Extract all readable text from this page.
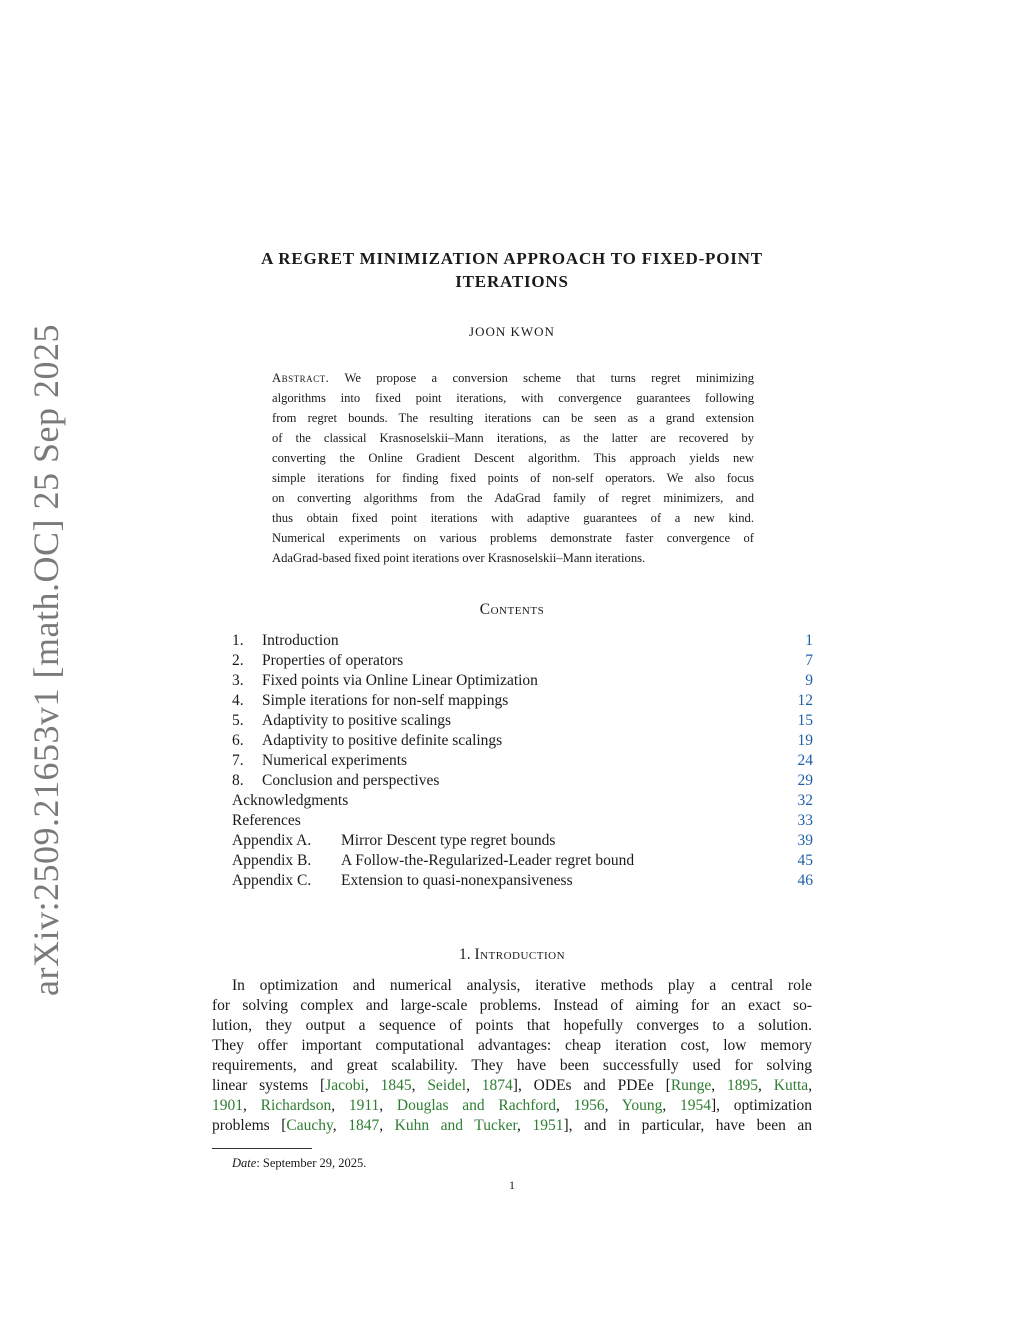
arXiv:2509.21653v1 [math.OC] 25 Sep 2025
A REGRET MINIMIZATION APPROACH TO FIXED-POINT
ITERATIONS
JOON KWON
Abstract. We propose a conversion scheme that turns regret minimizing
algorithms into fixed point iterations, with convergence guarantees following
from regret bounds. The resulting iterations can be seen as a grand extension
of the classical Krasnoselskii–Mann iterations, as the latter are recovered by
converting the Online Gradient Descent algorithm. This approach yields new
simple iterations for finding fixed points of non-self operators. We also focus
on converting algorithms from the AdaGrad family of regret minimizers, and
thus obtain fixed point iterations with adaptive guarantees of a new kind.
Numerical experiments on various problems demonstrate faster convergence of
AdaGrad-based fixed point iterations over Krasnoselskii–Mann iterations.
Contents
1. Introduction	1
2. Properties of operators	7
3. Fixed points via Online Linear Optimization	9
4. Simple iterations for non-self mappings	12
5. Adaptivity to positive scalings	15
6. Adaptivity to positive definite scalings	19
7. Numerical experiments	24
8. Conclusion and perspectives	29
Acknowledgments	32
References	33
Appendix A. Mirror Descent type regret bounds	39
Appendix B. A Follow-the-Regularized-Leader regret bound	45
Appendix C. Extension to quasi-nonexpansiveness	46
1. Introduction
In optimization and numerical analysis, iterative methods play a central role
for solving complex and large-scale problems. Instead of aiming for an exact so-
lution, they output a sequence of points that hopefully converges to a solution.
They offer important computational advantages: cheap iteration cost, low memory
requirements, and great scalability. They have been successfully used for solving
linear systems [Jacobi, 1845, Seidel, 1874], ODEs and PDEe [Runge, 1895, Kutta,
1901, Richardson, 1911, Douglas and Rachford, 1956, Young, 1954], optimization
problems [Cauchy, 1847, Kuhn and Tucker, 1951], and in particular, have been an
Date: September 29, 2025.
1
